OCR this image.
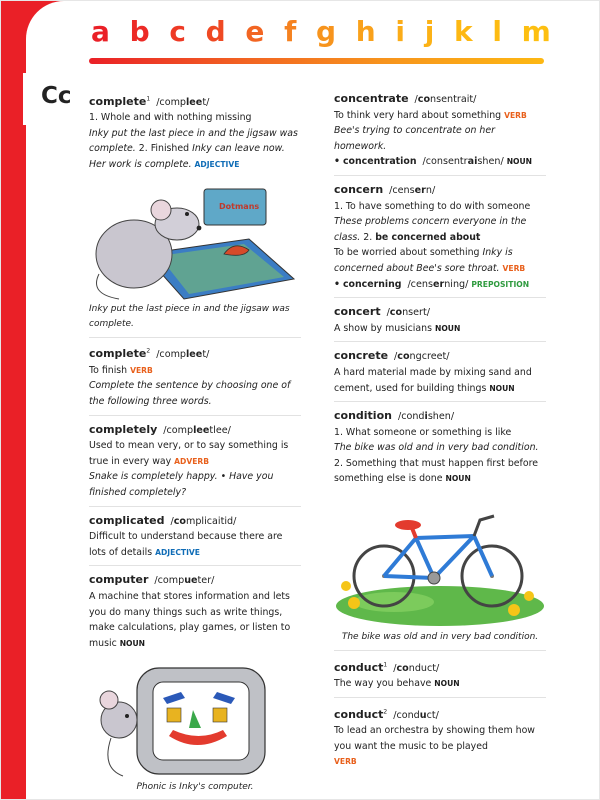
Cc
74
a b c d e f g h i j k l m
complete$^1$ /compleet/
1. Whole and with nothing missing
Inky put the last piece in and the jigsaw was complete. 2. Finished Inky can leave now. Her work is complete. ADJECTIVE
Dotmans
Inky put the last piece in and the jigsaw was complete.
complete$^2$ /compleet/
To finish VERB
Complete the sentence by choosing one of the following three words.
completely /compleetlee/
Used to mean very, or to say something is true in every way ADVERB
Snake is completely happy. • Have you finished completely?
complicated /complicaitid/
Difficult to understand because there are lots of details ADJECTIVE
computer /compueter/
A machine that stores information and lets you do many things such as write things, make calculations, play games, or listen to music NOUN
Phonic is Inky's computer.
concentrate /consentrait/
To think very hard about something VERB
Bee's trying to concentrate on her homework.
• concentration /consentraishen/ NOUN
concern /censern/
1. To have something to do with someone These problems concern everyone in the class. 2. be concerned about
To be worried about something Inky is concerned about Bee's sore throat. VERB
• concerning /censerning/ PREPOSITION
concert /consert/
A show by musicians NOUN
concrete /congcreet/
A hard material made by mixing sand and cement, used for building things NOUN
condition /condishen/
1. What someone or something is like
The bike was old and in very bad condition.
2. Something that must happen first before something else is done NOUN
The bike was old and in very bad condition.
conduct$^1$ /conduct/
The way you behave NOUN
conduct$^2$ /conduct/
To lead an orchestra by showing them how you want the music to be played
VERB
